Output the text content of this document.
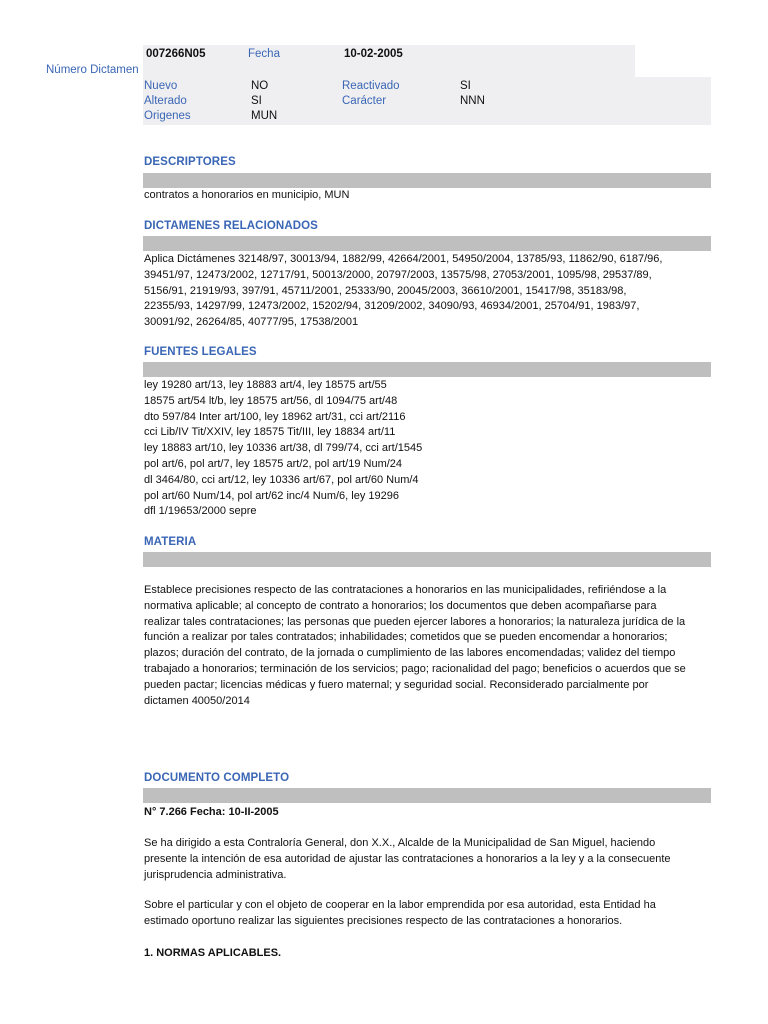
Número Dictamen
007266N05	Fecha	10-02-2005
Nuevo	NO	Reactivado	SI
Alterado	SI	Carácter	NNN
Origenes	MUN
DESCRIPTORES
contratos a honorarios en municipio, MUN
DICTAMENES RELACIONADOS
Aplica Dictámenes 32148/97, 30013/94, 1882/99, 42664/2001, 54950/2004, 13785/93, 11862/90, 6187/96,
39451/97, 12473/2002, 12717/91, 50013/2000, 20797/2003, 13575/98, 27053/2001, 1095/98, 29537/89,
5156/91, 21919/93, 397/91, 45711/2001, 25333/90, 20045/2003, 36610/2001, 15417/98, 35183/98,
22355/93, 14297/99, 12473/2002, 15202/94, 31209/2002, 34090/93, 46934/2001, 25704/91, 1983/97,
30091/92, 26264/85, 40777/95, 17538/2001
FUENTES LEGALES
ley 19280 art/13, ley 18883 art/4, ley 18575 art/55
18575 art/54 lt/b, ley 18575 art/56, dl 1094/75 art/48
dto 597/84 Inter art/100, ley 18962 art/31, cci art/2116
cci Lib/IV Tit/XXIV, ley 18575 Tit/III, ley 18834 art/11
ley 18883 art/10, ley 10336 art/38, dl 799/74, cci art/1545
pol art/6, pol art/7, ley 18575 art/2, pol art/19 Num/24
dl 3464/80, cci art/12, ley 10336 art/67, pol art/60 Num/4
pol art/60 Num/14, pol art/62 inc/4 Num/6, ley 19296
dfl 1/19653/2000 sepre
MATERIA
Establece precisiones respecto de las contrataciones a honorarios en las municipalidades, refiriéndose a la
normativa aplicable; al concepto de contrato a honorarios; los documentos que deben acompañarse para
realizar tales contrataciones; las personas que pueden ejercer labores a honorarios; la naturaleza jurídica de la
función a realizar por tales contratados; inhabilidades; cometidos que se pueden encomendar a honorarios;
plazos; duración del contrato, de la jornada o cumplimiento de las labores encomendadas; validez del tiempo
trabajado a honorarios; terminación de los servicios; pago; racionalidad del pago; beneficios o acuerdos que se
pueden pactar; licencias médicas y fuero maternal; y seguridad social. Reconsiderado parcialmente por
dictamen 40050/2014
DOCUMENTO COMPLETO
N° 7.266 Fecha: 10-II-2005
Se ha dirigido a esta Contraloría General, don X.X., Alcalde de la Municipalidad de San Miguel, haciendo
presente la intención de esa autoridad de ajustar las contrataciones a honorarios a la ley y a la consecuente
jurisprudencia administrativa.
Sobre el particular y con el objeto de cooperar en la labor emprendida por esa autoridad, esta Entidad ha
estimado oportuno realizar las siguientes precisiones respecto de las contrataciones a honorarios.
1. NORMAS APLICABLES.
